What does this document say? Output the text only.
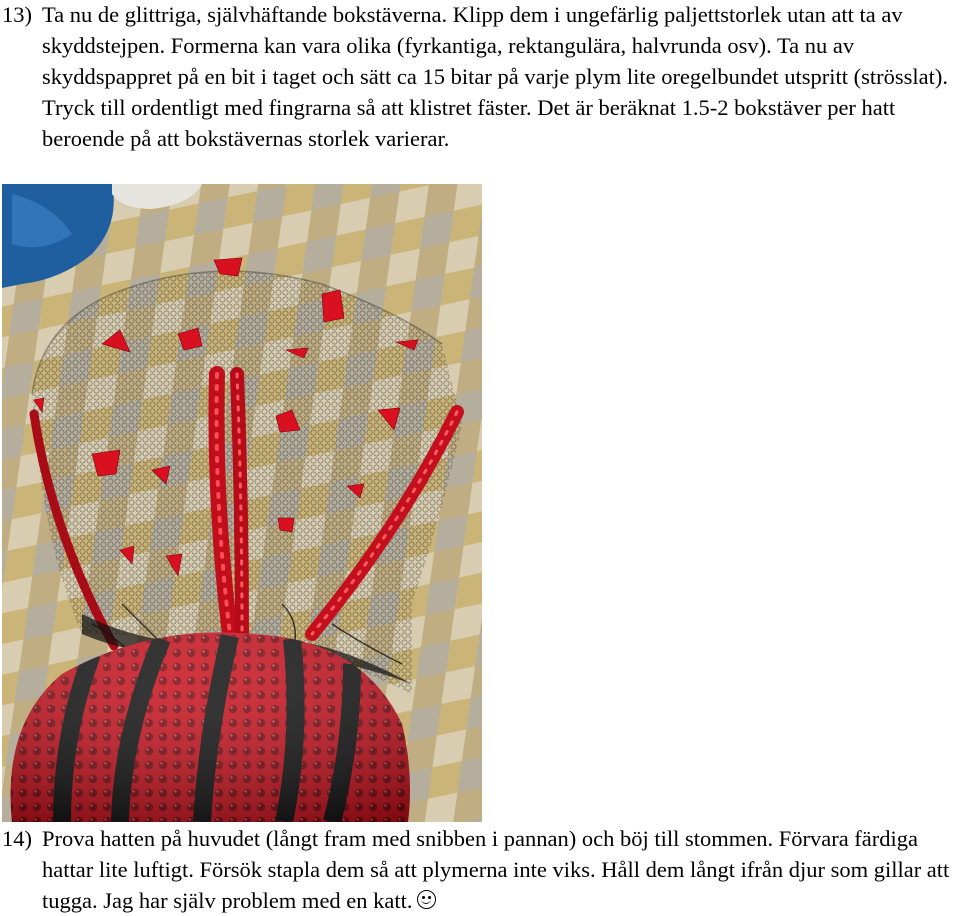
13) Ta nu de glittriga, självhäftande bokstäverna. Klipp dem i ungefärlig paljettstorlek utan att ta av skyddstejpen. Formerna kan vara olika (fyrkantiga, rektangulära, halvrunda osv). Ta nu av skyddspappret på en bit i taget och sätt ca 15 bitar på varje plym lite oregelbundet utspritt (strösslat). Tryck till ordentligt med fingrarna så att klistret fäster. Det är beräknat 1.5-2 bokstäver per hatt beroende på att bokstävernas storlek varierar.
14) Prova hatten på huvudet (långt fram med snibben i pannan) och böj till stommen. Förvara färdiga hattar lite luftigt. Försök stapla dem så att plymerna inte viks. Håll dem långt ifrån djur som gillar att tugga. Jag har själv problem med en katt.
